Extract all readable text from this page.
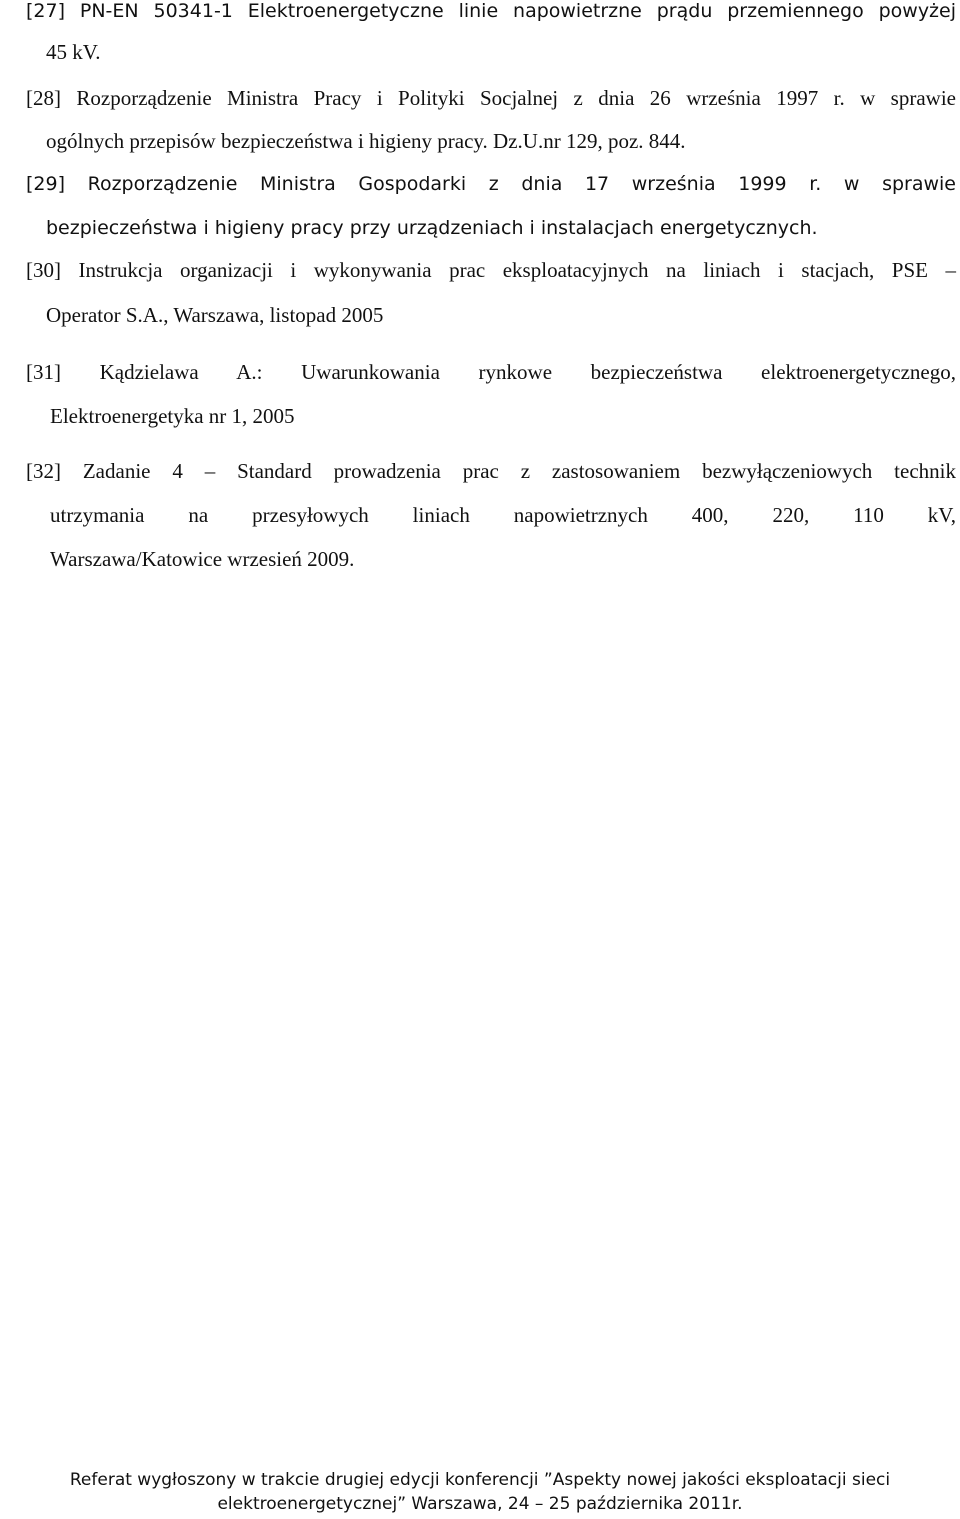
[27] PN-EN 50341-1 Elektroenergetyczne linie napowietrzne prądu przemiennego powyżej
45 kV.
[28] Rozporządzenie Ministra Pracy i Polityki Socjalnej z dnia 26 września 1997 r. w sprawie
ogólnych przepisów bezpieczeństwa i higieny pracy. Dz.U.nr 129, poz. 844.
[29] Rozporządzenie Ministra Gospodarki z dnia 17 września 1999 r. w sprawie
bezpieczeństwa i higieny pracy przy urządzeniach i instalacjach energetycznych.
[30] Instrukcja organizacji i wykonywania prac eksploatacyjnych na liniach i stacjach, PSE –
Operator S.A., Warszawa, listopad 2005
[31] Kądzielawa A.: Uwarunkowania rynkowe bezpieczeństwa elektroenergetycznego,
Elektroenergetyka nr 1, 2005
[32] Zadanie 4 – Standard prowadzenia prac z zastosowaniem bezwyłączeniowych technik
utrzymania na przesyłowych liniach napowietrznych 400, 220, 110 kV,
Warszawa/Katowice wrzesień 2009.
Referat wygłoszony w trakcie drugiej edycji konferencji ”Aspekty nowej jakości eksploatacji sieci
elektroenergetycznej” Warszawa, 24 – 25 października 2011r.
